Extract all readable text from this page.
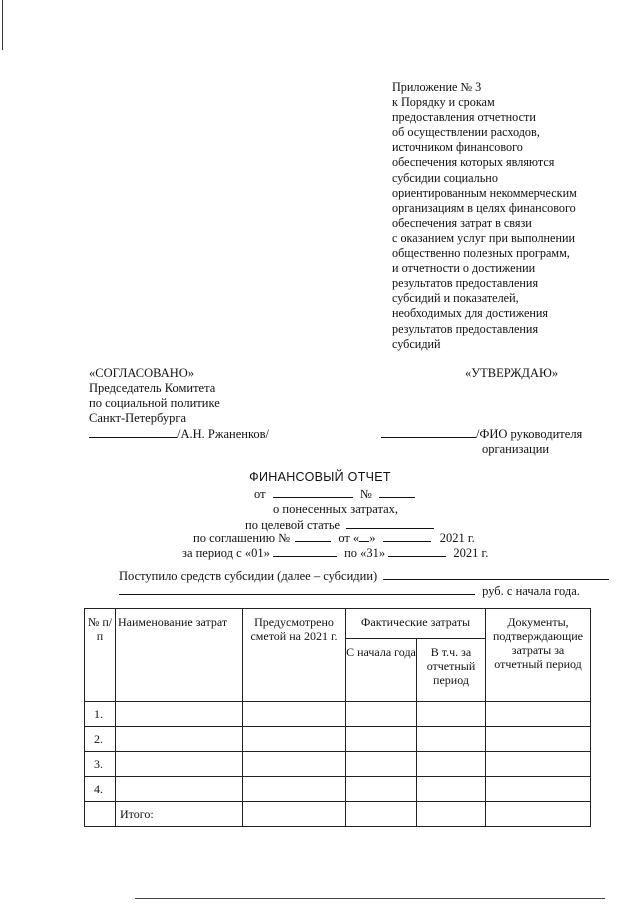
Приложение № 3
к Порядку и срокам
предоставления отчетности
об осуществлении расходов,
источником финансового
обеспечения которых являются
субсидии социально
ориентированным некоммерческим
организациям в целях финансового
обеспечения затрат в связи
с оказанием услуг при выполнении
общественно полезных программ,
и отчетности о достижении
результатов предоставления
субсидий и показателей,
необходимых для достижения
результатов предоставления
субсидий
«СОГЛАСОВАНО»
Председатель Комитета
по социальной политике
Санкт-Петербурга
«УТВЕРЖДАЮ»
/А.Н. Ржаненков/	/ФИО руководителя
организации
ФИНАНСОВЫЙ ОТЧЕТ
от	№
о понесенных затратах,
по целевой статье
по соглашению №	от « »	2021 г.
за период с «01»	по «31»	2021 г.
Поступило средств субсидии (далее – субсидии)
руб. с начала года.
№ п/п	Наименование затрат	Предусмотрено сметой на 2021 г.	Фактические затраты		Документы, подтверждающие затраты за отчетный период
			С начала года	В т.ч. за отчетный период	
1.					
2.					
3.					
4.					
	Итого:				
